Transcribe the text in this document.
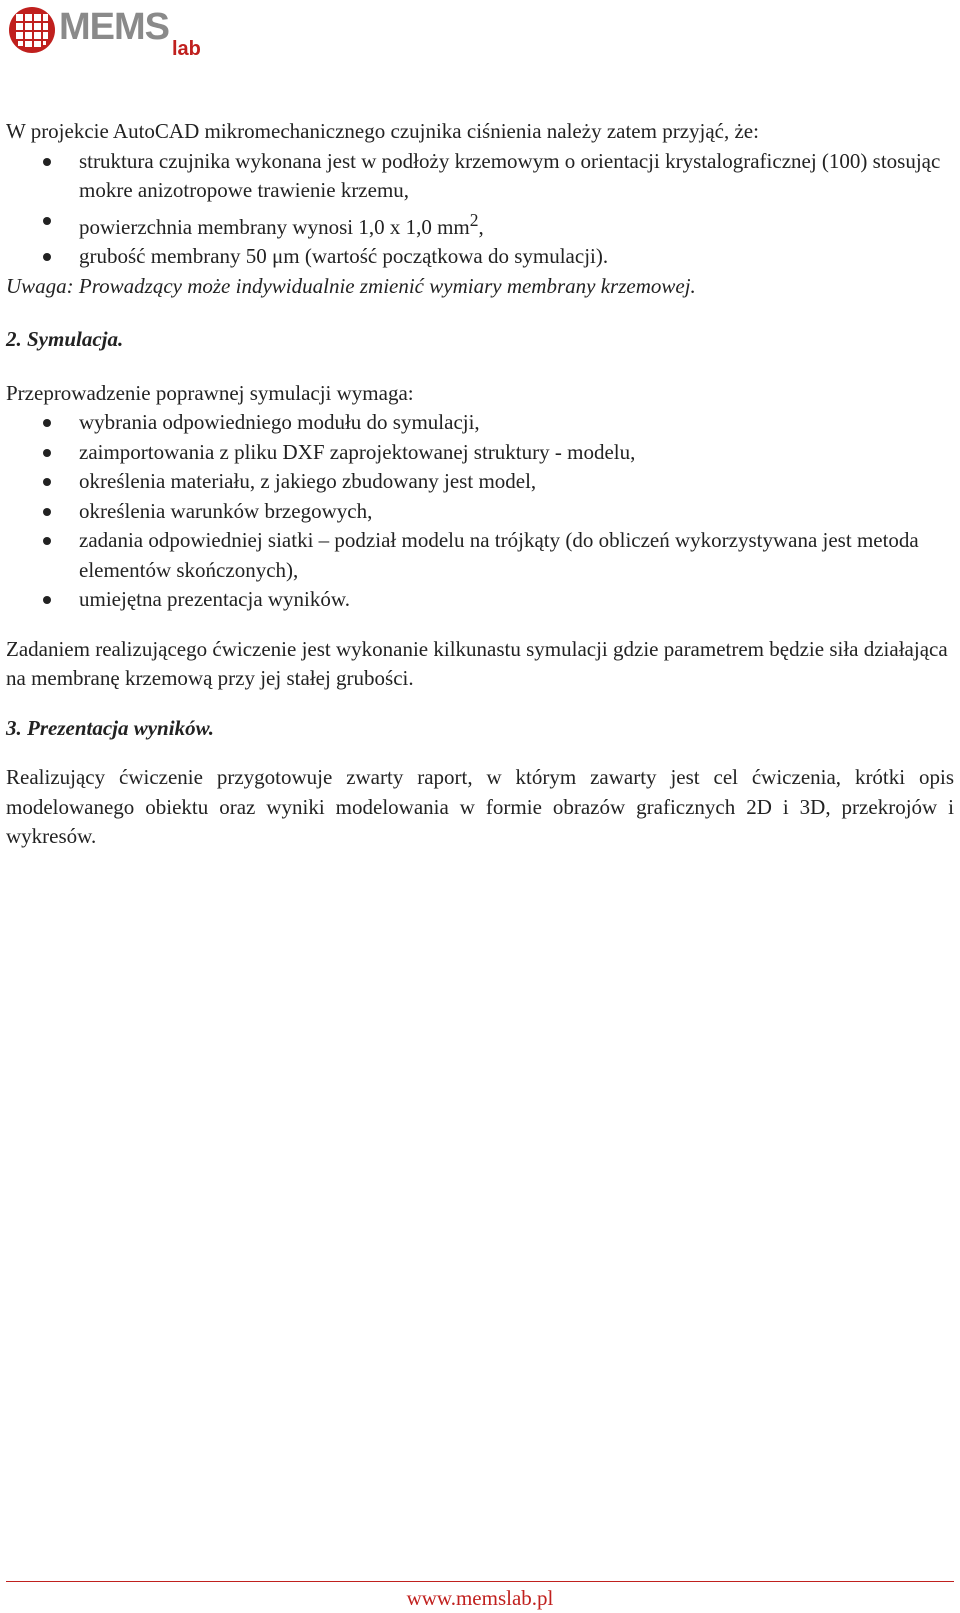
MEMS
lab

W projekcie AutoCAD mikromechanicznego czujnika ciśnienia należy zatem przyjąć, że:

struktura czujnika wykonana jest w podłoży krzemowym o orientacji krystalograficznej (100) stosując mokre anizotropowe trawienie krzemu,
powierzchnia membrany wynosi 1,0 x 1,0 $mm^2$,
grubość membrany 50 μm (wartość początkowa do symulacji).

Uwaga: Prowadzący może indywidualnie zmienić wymiary membrany krzemowej.

2. Symulacja.

Przeprowadzenie poprawnej symulacji wymaga:

wybrania odpowiedniego modułu do symulacji,
zaimportowania z pliku DXF zaprojektowanej struktury - modelu,
określenia materiału, z jakiego zbudowany jest model,
określenia warunków brzegowych,
zadania odpowiedniej siatki – podział modelu na trójkąty (do obliczeń wykorzystywana jest metoda elementów skończonych),
umiejętna prezentacja wyników.

Zadaniem realizującego ćwiczenie jest wykonanie kilkunastu symulacji gdzie parametrem będzie siła działająca na membranę krzemową przy jej stałej grubości.

3. Prezentacja wyników.

Realizujący ćwiczenie przygotowuje zwarty raport, w którym zawarty jest cel ćwiczenia, krótki opis modelowanego obiektu oraz wyniki modelowania w formie obrazów graficznych 2D i 3D, przekrojów i wykresów.

www.memslab.pl
